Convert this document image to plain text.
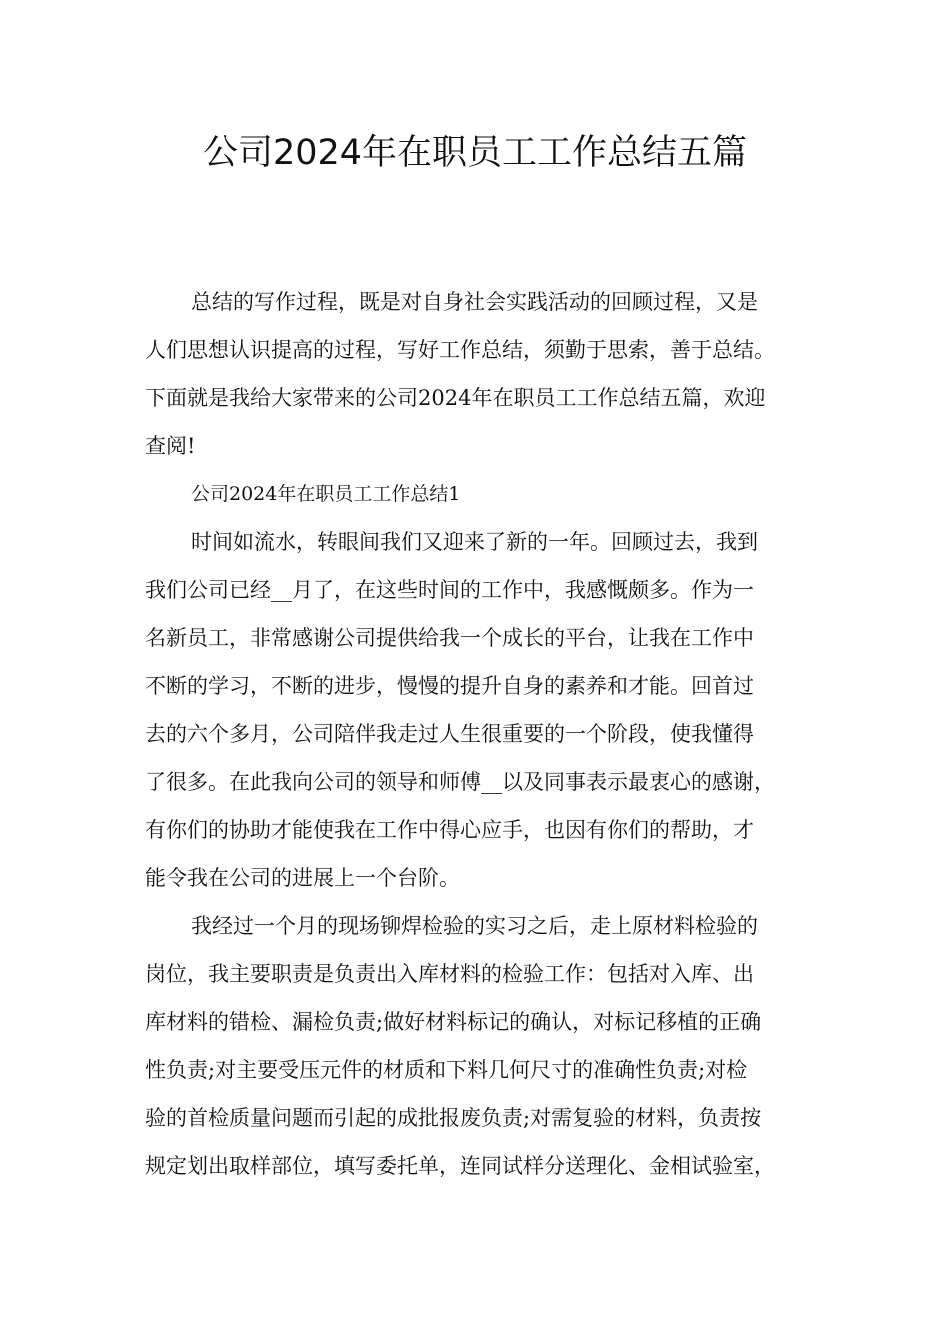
公司2024年在职员工工作总结五篇
总结的写作过程，既是对自身社会实践活动的回顾过程，又是
人们思想认识提高的过程，写好工作总结，须勤于思索，善于总结。
下面就是我给大家带来的公司2024年在职员工工作总结五篇，欢迎
查阅!
公司2024年在职员工工作总结1
时间如流水，转眼间我们又迎来了新的一年。回顾过去，我到
我们公司已经__月了，在这些时间的工作中，我感慨颇多。作为一
名新员工，非常感谢公司提供给我一个成长的平台，让我在工作中
不断的学习，不断的进步，慢慢的提升自身的素养和才能。回首过
去的六个多月，公司陪伴我走过人生很重要的一个阶段，使我懂得
了很多。在此我向公司的领导和师傅__以及同事表示最衷心的感谢，
有你们的协助才能使我在工作中得心应手，也因有你们的帮助，才
能令我在公司的进展上一个台阶。
我经过一个月的现场铆焊检验的实习之后，走上原材料检验的
岗位，我主要职责是负责出入库材料的检验工作：包括对入库、出
库材料的错检、漏检负责;做好材料标记的确认，对标记移植的正确
性负责;对主要受压元件的材质和下料几何尺寸的准确性负责;对检
验的首检质量问题而引起的成批报废负责;对需复验的材料，负责按
规定划出取样部位，填写委托单，连同试样分送理化、金相试验室，
